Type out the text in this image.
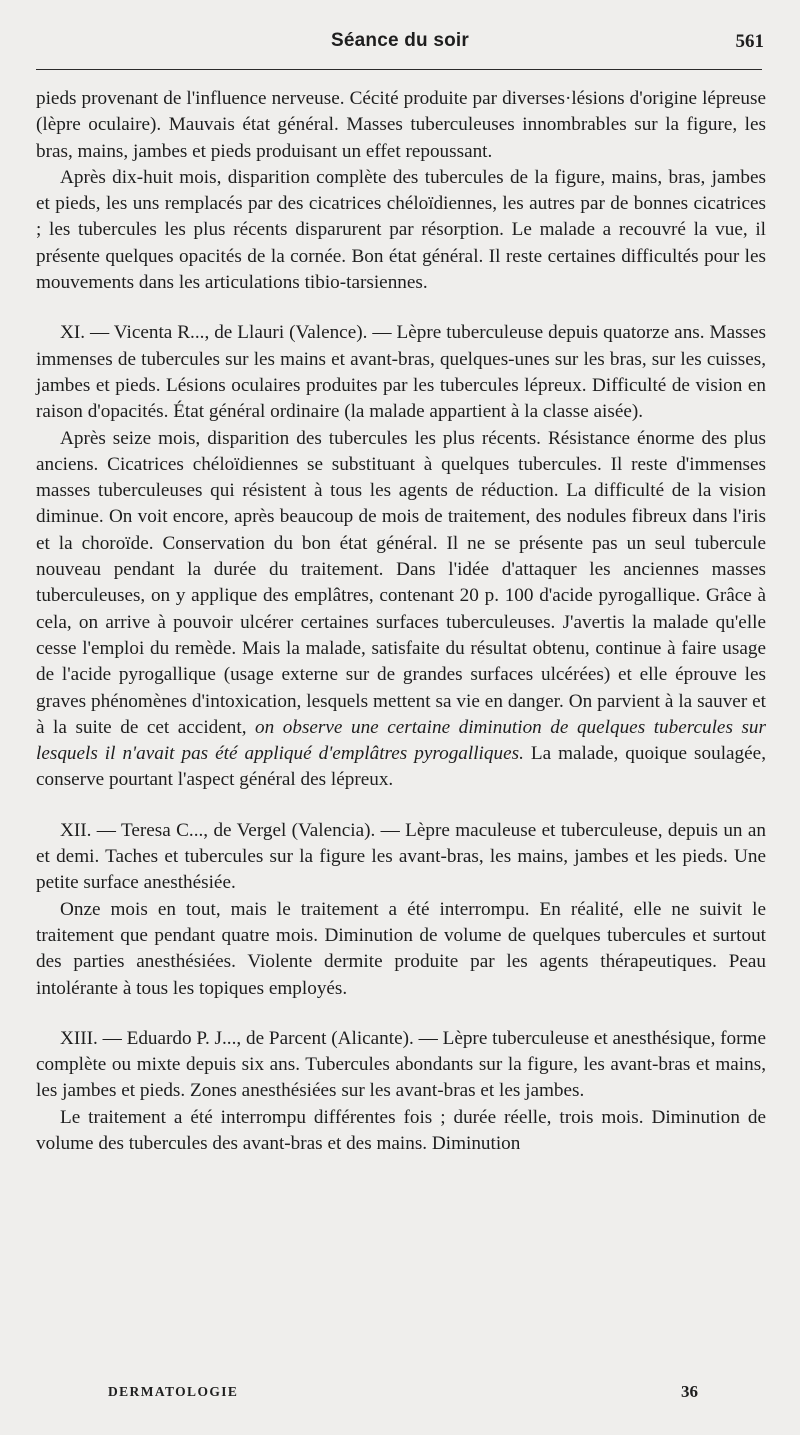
Séance du soir	561

pieds provenant de l'influence nerveuse. Cécité produite par diverses·lésions d'origine lépreuse (lèpre oculaire). Mauvais état général. Masses tuberculeuses innombrables sur la figure, les bras, mains, jambes et pieds produisant un effet repoussant.

Après dix-huit mois, disparition complète des tubercules de la figure, mains, bras, jambes et pieds, les uns remplacés par des cicatrices chéloïdiennes, les autres par de bonnes cicatrices ; les tubercules les plus récents disparurent par résorption. Le malade a recouvré la vue, il présente quelques opacités de la cornée. Bon état général. Il reste certaines difficultés pour les mouvements dans les articulations tibio-tarsiennes.

XI. — Vicenta R..., de Llauri (Valence). — Lèpre tuberculeuse depuis quatorze ans. Masses immenses de tubercules sur les mains et avant-bras, quelques-unes sur les bras, sur les cuisses, jambes et pieds. Lésions oculaires produites par les tubercules lépreux. Difficulté de vision en raison d'opacités. État général ordinaire (la malade appartient à la classe aisée).

Après seize mois, disparition des tubercules les plus récents. Résistance énorme des plus anciens. Cicatrices chéloïdiennes se substituant à quelques tubercules. Il reste d'immenses masses tuberculeuses qui résistent à tous les agents de réduction. La difficulté de la vision diminue. On voit encore, après beaucoup de mois de traitement, des nodules fibreux dans l'iris et la choroïde. Conservation du bon état général. Il ne se présente pas un seul tubercule nouveau pendant la durée du traitement. Dans l'idée d'attaquer les anciennes masses tuberculeuses, on y applique des emplâtres, contenant 20 p. 100 d'acide pyrogallique. Grâce à cela, on arrive à pouvoir ulcérer certaines surfaces tuberculeuses. J'avertis la malade qu'elle cesse l'emploi du remède. Mais la malade, satisfaite du résultat obtenu, continue à faire usage de l'acide pyrogallique (usage externe sur de grandes surfaces ulcérées) et elle éprouve les graves phénomènes d'intoxication, lesquels mettent sa vie en danger. On parvient à la sauver et à la suite de cet accident, on observe une certaine diminution de quelques tubercules sur lesquels il n'avait pas été appliqué d'emplâtres pyrogalliques. La malade, quoique soulagée, conserve pourtant l'aspect général des lépreux.

XII. — Teresa C..., de Vergel (Valencia). — Lèpre maculeuse et tuberculeuse, depuis un an et demi. Taches et tubercules sur la figure les avant-bras, les mains, jambes et les pieds. Une petite surface anesthésiée.

Onze mois en tout, mais le traitement a été interrompu. En réalité, elle ne suivit le traitement que pendant quatre mois. Diminution de volume de quelques tubercules et surtout des parties anesthésiées. Violente dermite produite par les agents thérapeutiques. Peau intolérante à tous les topiques employés.

XIII. — Eduardo P. J..., de Parcent (Alicante). — Lèpre tuberculeuse et anesthésique, forme complète ou mixte depuis six ans. Tubercules abondants sur la figure, les avant-bras et mains, les jambes et pieds. Zones anesthésiées sur les avant-bras et les jambes.

Le traitement a été interrompu différentes fois ; durée réelle, trois mois. Diminution de volume des tubercules des avant-bras et des mains. Diminution

DERMATOLOGIE	36
